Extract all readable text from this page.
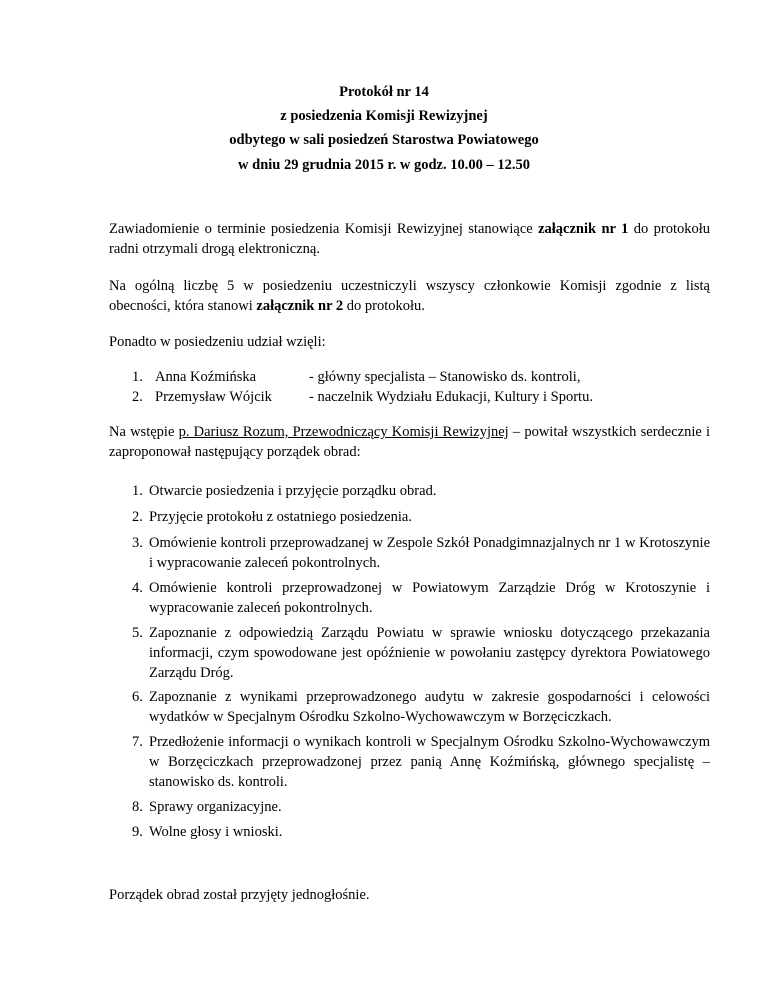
Protokół nr 14
z posiedzenia Komisji Rewizyjnej
odbytego w sali posiedzeń Starostwa Powiatowego
w dniu 29 grudnia 2015 r. w godz. 10.00 – 12.50
Zawiadomienie o terminie posiedzenia Komisji Rewizyjnej stanowiące załącznik nr 1 do protokołu radni otrzymali drogą elektroniczną.
Na ogólną liczbę 5 w posiedzeniu uczestniczyli wszyscy członkowie Komisji zgodnie z listą obecności, która stanowi załącznik nr 2 do protokołu.
Ponadto w posiedzeniu udział wzięli:
1. Anna Koźmińska	- główny specjalista – Stanowisko ds. kontroli,
2. Przemysław Wójcik	- naczelnik Wydziału Edukacji, Kultury i Sportu.
Na wstępie p. Dariusz Rozum, Przewodniczący Komisji Rewizyjnej – powitał wszystkich serdecznie i zaproponował następujący porządek obrad:
1. Otwarcie posiedzenia i przyjęcie porządku obrad.
2. Przyjęcie protokołu z ostatniego posiedzenia.
3. Omówienie kontroli przeprowadzanej w Zespole Szkół Ponadgimnazjalnych nr 1 w Krotoszynie i wypracowanie zaleceń pokontrolnych.
4. Omówienie kontroli przeprowadzonej w Powiatowym Zarządzie Dróg w Krotoszynie i wypracowanie zaleceń pokontrolnych.
5. Zapoznanie z odpowiedzią Zarządu Powiatu w sprawie wniosku dotyczącego przekazania informacji, czym spowodowane jest opóźnienie w powołaniu zastępcy dyrektora Powiatowego Zarządu Dróg.
6. Zapoznanie z wynikami przeprowadzonego audytu w zakresie gospodarności i celowości wydatków w Specjalnym Ośrodku Szkolno-Wychowawczym w Borzęciczkach.
7. Przedłożenie informacji o wynikach kontroli w Specjalnym Ośrodku Szkolno-Wychowawczym w Borzęciczkach przeprowadzonej przez panią Annę Koźmińską, głównego specjalistę – stanowisko ds. kontroli.
8. Sprawy organizacyjne.
9. Wolne głosy i wnioski.
Porządek obrad został przyjęty jednogłośnie.
